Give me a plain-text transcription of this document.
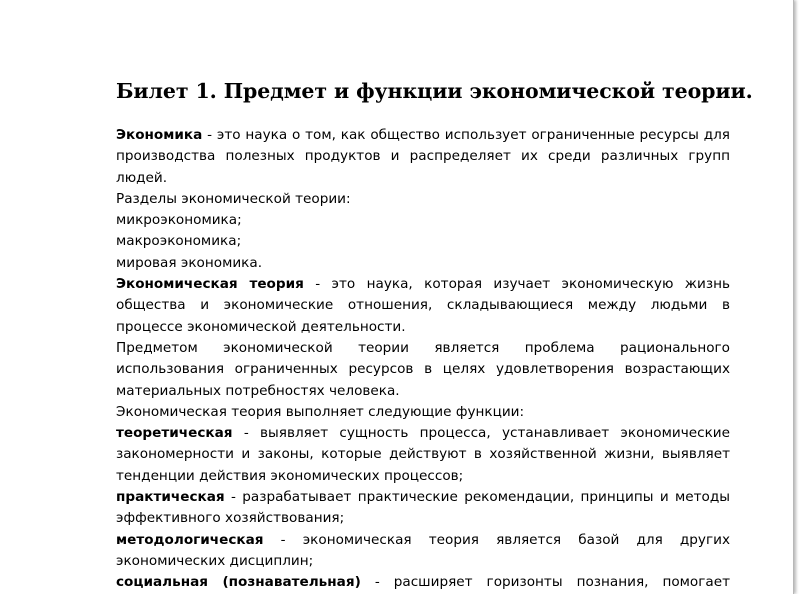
Билет 1. Предмет и функции экономической теории.
Экономика - это наука о том, как общество использует ограниченные ресурсы для
производства полезных продуктов и распределяет их среди различных групп
людей.
Разделы экономической теории:
микроэкономика;
макроэкономика;
мировая экономика.
Экономическая теория - это наука, которая изучает экономическую жизнь
общества и экономические отношения, складывающиеся между людьми в
процессе экономической деятельности.
Предметом экономической теории является проблема рационального
использования ограниченных ресурсов в целях удовлетворения возрастающих
материальных потребностях человека.
Экономическая теория выполняет следующие функции:
теоретическая - выявляет сущность процесса, устанавливает экономические
закономерности и законы, которые действуют в хозяйственной жизни, выявляет
тенденции действия экономических процессов;
практическая - разрабатывает практические рекомендации, принципы и методы
эффективного хозяйствования;
методологическая - экономическая теория является базой для других
экономических дисциплин;
социальная (познавательная) - расширяет горизонты познания, помогает
